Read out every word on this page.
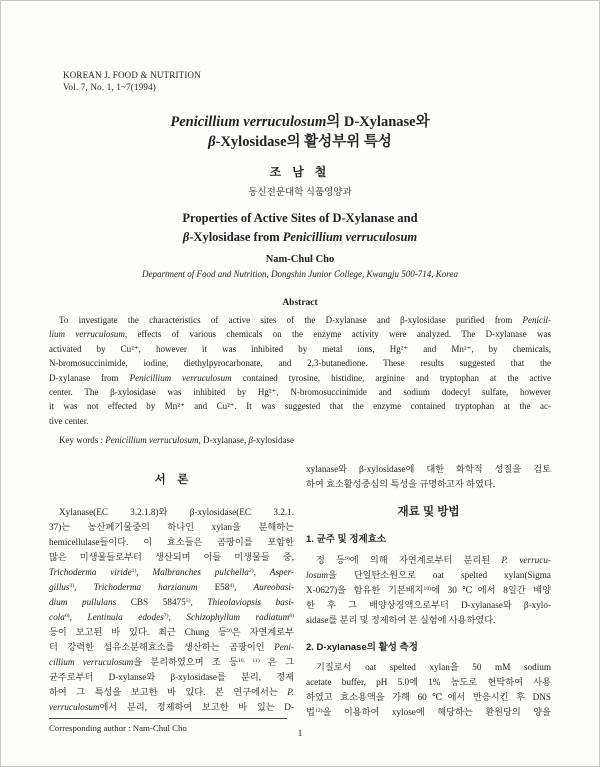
KOREAN J. FOOD & NUTRITION
Vol. 7, No. 1, 1~7(1994)
Penicillium verruculosum의 D-Xylanase와
β-Xylosidase의 활성부위 특성
조 남 철
동신전문대학 식품영양과
Properties of Active Sites of D-Xylanase and
β-Xylosidase from Penicillium verruculosum
Nam-Chul Cho
Department of Food and Nutrition, Dongshin Junior College, Kwangju 500-714, Korea
Abstract
To investigate the characteristics of active sites of the D-xylanase and β-xylosidase purified from Penicil-
lium verruculosum, effects of various chemicals on the enzyme activity were analyzed. The D-xylanase was
activated by Cu²⁺, however it was inhibited by metal ions, Hg²⁺ and Mn²⁺, by chemicals,
N-bromosuccinimide, iodine, diethylpyrocarbonate, and 2,3-butanedione. These results suggested that the
D-xylanase from Penicillium verruculosum contained tyrosine, histidine, arginine and tryptophan at the active
center. The β-xylosidase was inhibited by Hg²⁺, N-bromosuccinimide and sodium dodecyl sulfate, however
it was not effected by Mn²⁺ and Cu²⁺. It was suggested that the enzyme contained tryptophan at the ac-
tive center.
Key words : Penicillium verruculosum, D-xylanase, β-xylosidase
서 론
Xylanase(EC 3.2.1.8)와 β-xylosidase(EC 3.2.1.
37)는 농산폐기물중의 하나인 xylan을 분해하는
hemicellulase들이다. 이 효소들은 곰팡이를 포함한
많은 미생물들로부터 생산되며 이들 미생물들 중,
Trichoderma viride$^{1)}$, Malbranches pulchella$^{2)}$, Asper-
gillus$^{3)}$, Trichoderma harzianum E58$^{4)}$, Aureobasi-
dium pullulans CBS 58475$^{5)}$, Thieolaviopsis basi-
cola$^{6)}$, Lentinula edodes$^{7)}$, Schizophyllum radiatum$^{8)}$
등이 보고된 바 있다. 최근 Chung 등$^{9)}$은 자연계로부
터 강력한 섬유소분해효소를 생산하는 곰팡이인 Peni-
cillium verruculosum을 분리하였으며 조 등$^{10, 11)}$ 은 그
균주로부터 D-xylanse와 β-xylosidase를 분리, 정제
하여 그 특성을 보고한 바 있다. 본 연구에서는 P.
verruculosum에서 분리, 정제하여 보고한 바 있는 D-
Corresponding author : Nam-Chul Cho
xylanase와 β-xylosidase에 대한 화학적 성질을 검토
하여 효소활성중심의 특성을 규명하고자 하였다.
재료 및 방법
1. 균주 및 정제효소
정 등$^{9)}$에 의해 자연계로부터 분리된 P. verrucu-
losum을 단일탄소원으로 oat spelted xylan(Sigma
X-0627)을 함유한 기본배지$^{10)}$에 30℃에서 8일간 배양
한 후 그 배양상징액으로부터 D-xylanase와 β-xylo-
sidase를 분리 및 정제하여 본 실험에 사용하였다.
2. D-xylanase의 활성 측정
기질로서 oat spelted xylan을 50 mM sodium
acetate buffer, pH 5.0에 1% 농도로 현탁하여 사용
하였고 효소용액을 가해 60℃에서 반응시킨 후 DNS
법$^{12)}$을 이용하여 xylose에 해당하는 환원당의 양을
1
